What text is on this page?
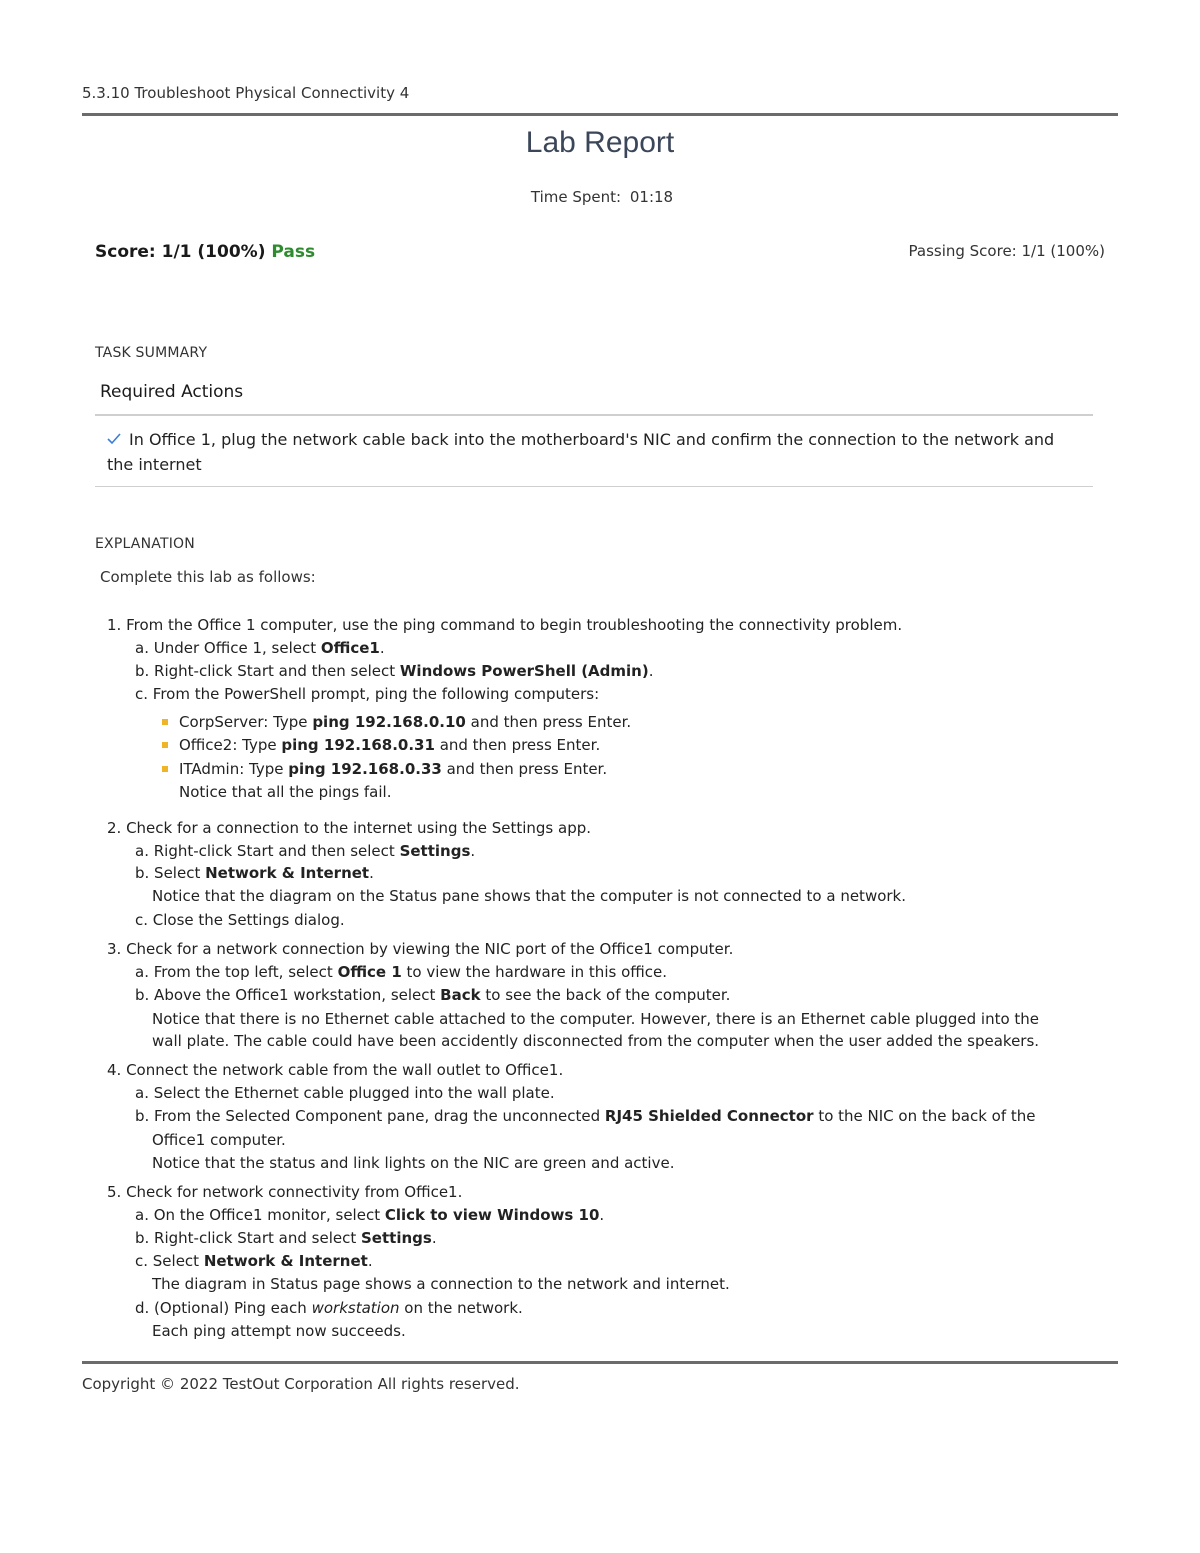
5.3.10 Troubleshoot Physical Connectivity 4
Lab Report
Time Spent: 01:18
Score: 1/1 (100%) Pass	Passing Score: 1/1 (100%)
TASK SUMMARY
Required Actions
In Office 1, plug the network cable back into the motherboard's NIC and confirm the connection to the network and
the internet
EXPLANATION
Complete this lab as follows:
1. From the Office 1 computer, use the ping command to begin troubleshooting the connectivity problem.
a. Under Office 1, select Office1.
b. Right-click Start and then select Windows PowerShell (Admin).
c. From the PowerShell prompt, ping the following computers:
CorpServer: Type ping 192.168.0.10 and then press Enter.
Office2: Type ping 192.168.0.31 and then press Enter.
ITAdmin: Type ping 192.168.0.33 and then press Enter.
Notice that all the pings fail.
2. Check for a connection to the internet using the Settings app.
a. Right-click Start and then select Settings.
b. Select Network & Internet.
Notice that the diagram on the Status pane shows that the computer is not connected to a network.
c. Close the Settings dialog.
3. Check for a network connection by viewing the NIC port of the Office1 computer.
a. From the top left, select Office 1 to view the hardware in this office.
b. Above the Office1 workstation, select Back to see the back of the computer.
Notice that there is no Ethernet cable attached to the computer. However, there is an Ethernet cable plugged into the
wall plate. The cable could have been accidently disconnected from the computer when the user added the speakers.
4. Connect the network cable from the wall outlet to Office1.
a. Select the Ethernet cable plugged into the wall plate.
b. From the Selected Component pane, drag the unconnected RJ45 Shielded Connector to the NIC on the back of the
Office1 computer.
Notice that the status and link lights on the NIC are green and active.
5. Check for network connectivity from Office1.
a. On the Office1 monitor, select Click to view Windows 10.
b. Right-click Start and select Settings.
c. Select Network & Internet.
The diagram in Status page shows a connection to the network and internet.
d. (Optional) Ping each workstation on the network.
Each ping attempt now succeeds.
Copyright © 2022 TestOut Corporation All rights reserved.
